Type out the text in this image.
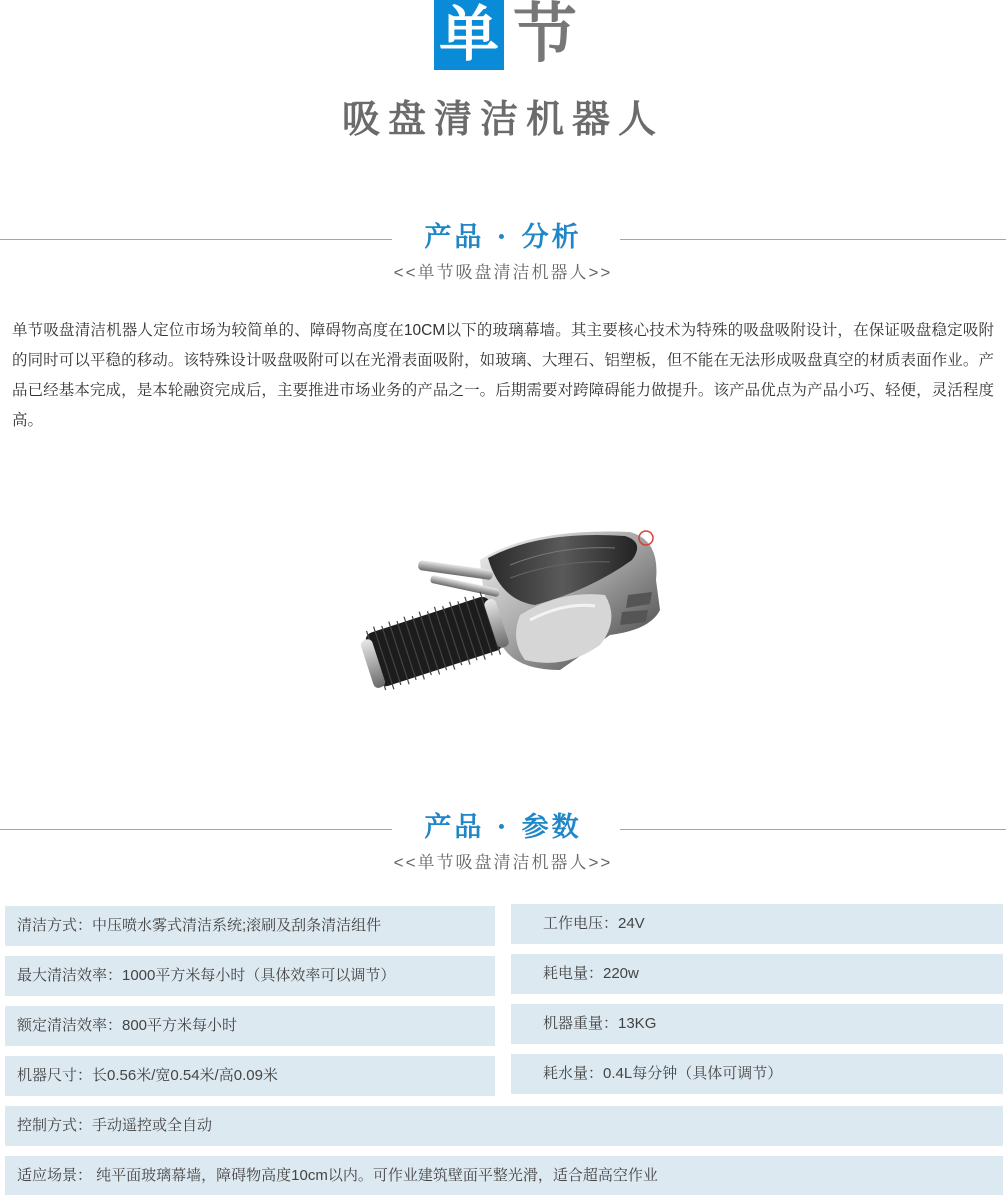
单 节
吸盘清洁机器人
产品 · 分析
<<单节吸盘清洁机器人>>

单节吸盘清洁机器人定位市场为较简单的、障碍物高度在10CM以下的玻璃幕墙。其主要核心技术为特殊的吸盘吸附设计，在保证吸盘稳定吸附的同时可以平稳的移动。该特殊设计吸盘吸附可以在光滑表面吸附，如玻璃、大理石、铝塑板，但不能在无法形成吸盘真空的材质表面作业。产品已经基本完成，是本轮融资完成后，主要推进市场业务的产品之一。后期需要对跨障碍能力做提升。该产品优点为产品小巧、轻便，灵活程度高。

产品 · 参数
<<单节吸盘清洁机器人>>
清洁方式：中压喷水雾式清洁系统;滚刷及刮条清洁组件	工作电压：24V
最大清洁效率：1000平方米每小时（具体效率可以调节）	耗电量：220w
额定清洁效率：800平方米每小时	机器重量：13KG
机器尺寸：长0.56米/宽0.54米/高0.09米	耗水量：0.4L每分钟（具体可调节）
控制方式：手动遥控或全自动
适应场景： 纯平面玻璃幕墙，障碍物高度10cm以内。可作业建筑壁面平整光滑，适合超高空作业
